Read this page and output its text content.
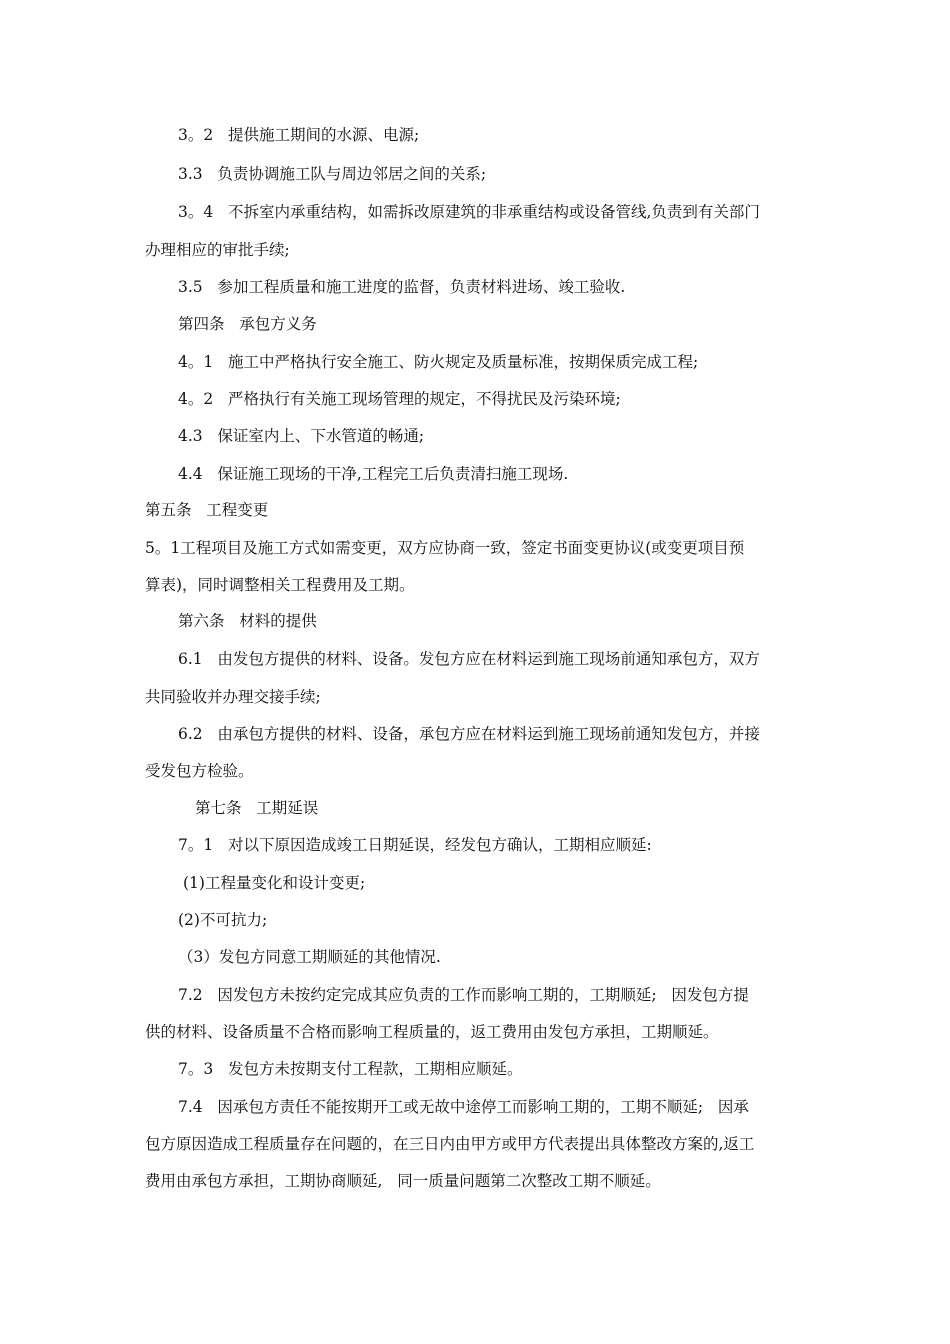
3。2   提供施工期间的水源、电源;
3.3   负责协调施工队与周边邻居之间的关系;
3。4   不拆室内承重结构，如需拆改原建筑的非承重结构或设备管线,负责到有关部门
办理相应的审批手续;
3.5   参加工程质量和施工进度的监督，负责材料进场、竣工验收.
第四条   承包方义务
4。1   施工中严格执行安全施工、防火规定及质量标准，按期保质完成工程;
4。2   严格执行有关施工现场管理的规定，不得扰民及污染环境;
4.3   保证室内上、下水管道的畅通;
4.4   保证施工现场的干净,工程完工后负责清扫施工现场.
第五条   工程变更
5。1工程项目及施工方式如需变更，双方应协商一致，签定书面变更协议(或变更项目预
算表)，同时调整相关工程费用及工期。
第六条   材料的提供
6.1   由发包方提供的材料、设备。发包方应在材料运到施工现场前通知承包方，双方
共同验收并办理交接手续;
6.2   由承包方提供的材料、设备，承包方应在材料运到施工现场前通知发包方，并接
受发包方检验。
第七条   工期延误
7。1   对以下原因造成竣工日期延误，经发包方确认，工期相应顺延:
(1)工程量变化和设计变更;
(2)不可抗力;
（3）发包方同意工期顺延的其他情况.
7.2   因发包方未按约定完成其应负责的工作而影响工期的，工期顺延;   因发包方提
供的材料、设备质量不合格而影响工程质量的，返工费用由发包方承担，工期顺延。
7。3   发包方未按期支付工程款，工期相应顺延。
7.4   因承包方责任不能按期开工或无故中途停工而影响工期的，工期不顺延;   因承
包方原因造成工程质量存在问题的，在三日内由甲方或甲方代表提出具体整改方案的,返工
费用由承包方承担，工期协商顺延,   同一质量问题第二次整改工期不顺延。
